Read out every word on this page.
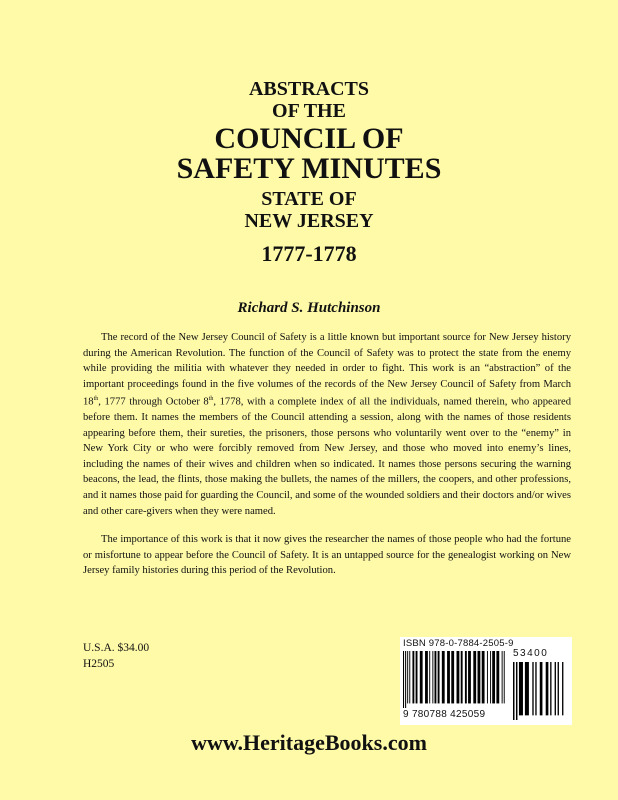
ABSTRACTS
OF THE
COUNCIL OF
SAFETY MINUTES
STATE OF
NEW JERSEY
1777-1778
Richard S. Hutchinson

The record of the New Jersey Council of Safety is a little known but important source for New Jersey history during the American Revolution. The function of the Council of Safety was to protect the state from the enemy while providing the militia with whatever they needed in order to fight. This work is an “abstraction” of the important proceedings found in the five volumes of the records of the New Jersey Council of Safety from March 18th, 1777 through October 8th, 1778, with a complete index of all the individuals, named therein, who appeared before them. It names the members of the Council attending a session, along with the names of those residents appearing before them, their sureties, the prisoners, those persons who voluntarily went over to the “enemy” in New York City or who were forcibly removed from New Jersey, and those who moved into enemy’s lines, including the names of their wives and children when so indicated. It names those persons securing the warning beacons, the lead, the flints, those making the bullets, the names of the millers, the coopers, and other professions, and it names those paid for guarding the Council, and some of the wounded soldiers and their doctors and/or wives and other care-givers when they were named.

The importance of this work is that it now gives the researcher the names of those people who had the fortune or misfortune to appear before the Council of Safety. It is an untapped source for the genealogist working on New Jersey family histories during this period of the Revolution.

U.S.A. $34.00
H2505
ISBN 978-0-7884-2505-9
9 780788 425059
53400
www.HeritageBooks.com
